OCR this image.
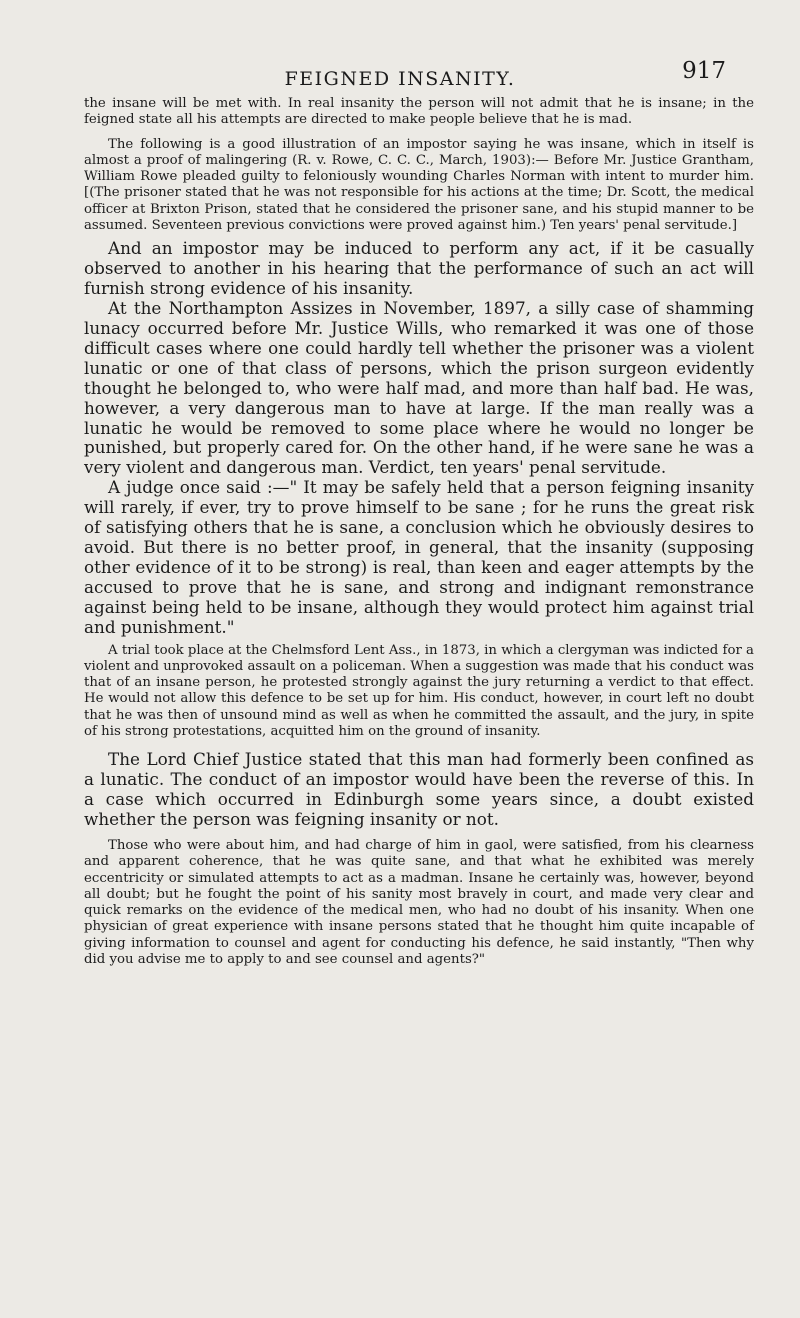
FEIGNED INSANITY.	917

the insane will be met with. In real insanity the person will not admit that he is insane; in the feigned state all his attempts are directed to make people believe that he is mad.

The following is a good illustration of an impostor saying he was insane, which in itself is almost a proof of malingering (R. v. Rowe, C. C. C., March, 1903):— Before Mr. Justice Grantham, William Rowe pleaded guilty to feloniously wounding Charles Norman with intent to murder him. [(The prisoner stated that he was not responsible for his actions at the time; Dr. Scott, the medical officer at Brixton Prison, stated that he considered the prisoner sane, and his stupid manner to be assumed. Seventeen previous convictions were proved against him.) Ten years' penal servitude.]

And an impostor may be induced to perform any act, if it be casually observed to another in his hearing that the performance of such an act will furnish strong evidence of his insanity.

At the Northampton Assizes in November, 1897, a silly case of shamming lunacy occurred before Mr. Justice Wills, who remarked it was one of those difficult cases where one could hardly tell whether the prisoner was a violent lunatic or one of that class of persons, which the prison surgeon evidently thought he belonged to, who were half mad, and more than half bad. He was, however, a very dangerous man to have at large. If the man really was a lunatic he would be removed to some place where he would no longer be punished, but properly cared for. On the other hand, if he were sane he was a very violent and dangerous man. Verdict, ten years' penal servitude.

A judge once said :—" It may be safely held that a person feigning insanity will rarely, if ever, try to prove himself to be sane ; for he runs the great risk of satisfying others that he is sane, a conclusion which he obviously desires to avoid. But there is no better proof, in general, that the insanity (supposing other evidence of it to be strong) is real, than keen and eager attempts by the accused to prove that he is sane, and strong and indignant remonstrance against being held to be insane, although they would protect him against trial and punishment."

A trial took place at the Chelmsford Lent Ass., in 1873, in which a clergyman was indicted for a violent and unprovoked assault on a policeman. When a suggestion was made that his conduct was that of an insane person, he protested strongly against the jury returning a verdict to that effect. He would not allow this defence to be set up for him. His conduct, however, in court left no doubt that he was then of unsound mind as well as when he committed the assault, and the jury, in spite of his strong protestations, acquitted him on the ground of insanity.

The Lord Chief Justice stated that this man had formerly been confined as a lunatic. The conduct of an impostor would have been the reverse of this. In a case which occurred in Edinburgh some years since, a doubt existed whether the person was feigning insanity or not.

Those who were about him, and had charge of him in gaol, were satisfied, from his clearness and apparent coherence, that he was quite sane, and that what he exhibited was merely eccentricity or simulated attempts to act as a madman. Insane he certainly was, however, beyond all doubt; but he fought the point of his sanity most bravely in court, and made very clear and quick remarks on the evidence of the medical men, who had no doubt of his insanity. When one physician of great experience with insane persons stated that he thought him quite incapable of giving information to counsel and agent for conducting his defence, he said instantly, "Then why did you advise me to apply to and see counsel and agents?"
